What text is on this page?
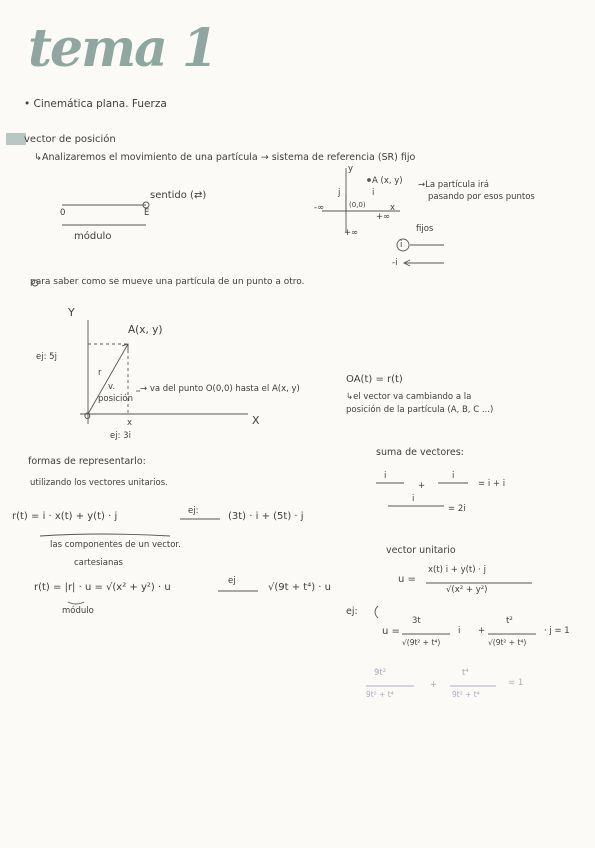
tema 1
• Cinemática plana. Fuerza
vector de posición
↳Analizaremos el movimiento de una partícula → sistema de referencia (SR) fijo
0	E
sentido (⇄)
módulo
y
A (x, y)
-∞	(0,0)	x
+∞
j	i
+∞
→La partícula irá
pasando por esos puntos
fijos
i
-i
para saber como se mueve una partícula de un punto a otro.
Y
A(x, y)
ej: 5j
r
v.
posición
O
x	X
ej: 3i
→ va del punto O(0,0) hasta el A(x, y)
OA(t) = r(t)
↳el vector va cambiando a la
posición de la partícula (A, B, C ...)
formas de representarlo:
utilizando los vectores unitarios.
r(t) = i · x(t) + y(t) · j	ej:	(3t) · i + (5t) · j
las componentes de un vector.
cartesianas
r(t) = |r| · u = √(x² + y²) · u
ej
√(9t + t⁴) · u
módulo
suma de vectores:
i
+
i
= i + i
i
= 2i
vector unitario
u =
x(t) i + y(t) · j
√(x² + y²)
ej:
u =
3t
√(9t² + t⁴)
i +
t²
√(9t² + t⁴)
· j = 1
9t²
9t² + t⁴
+
t⁴
9t² + t⁴
= 1
